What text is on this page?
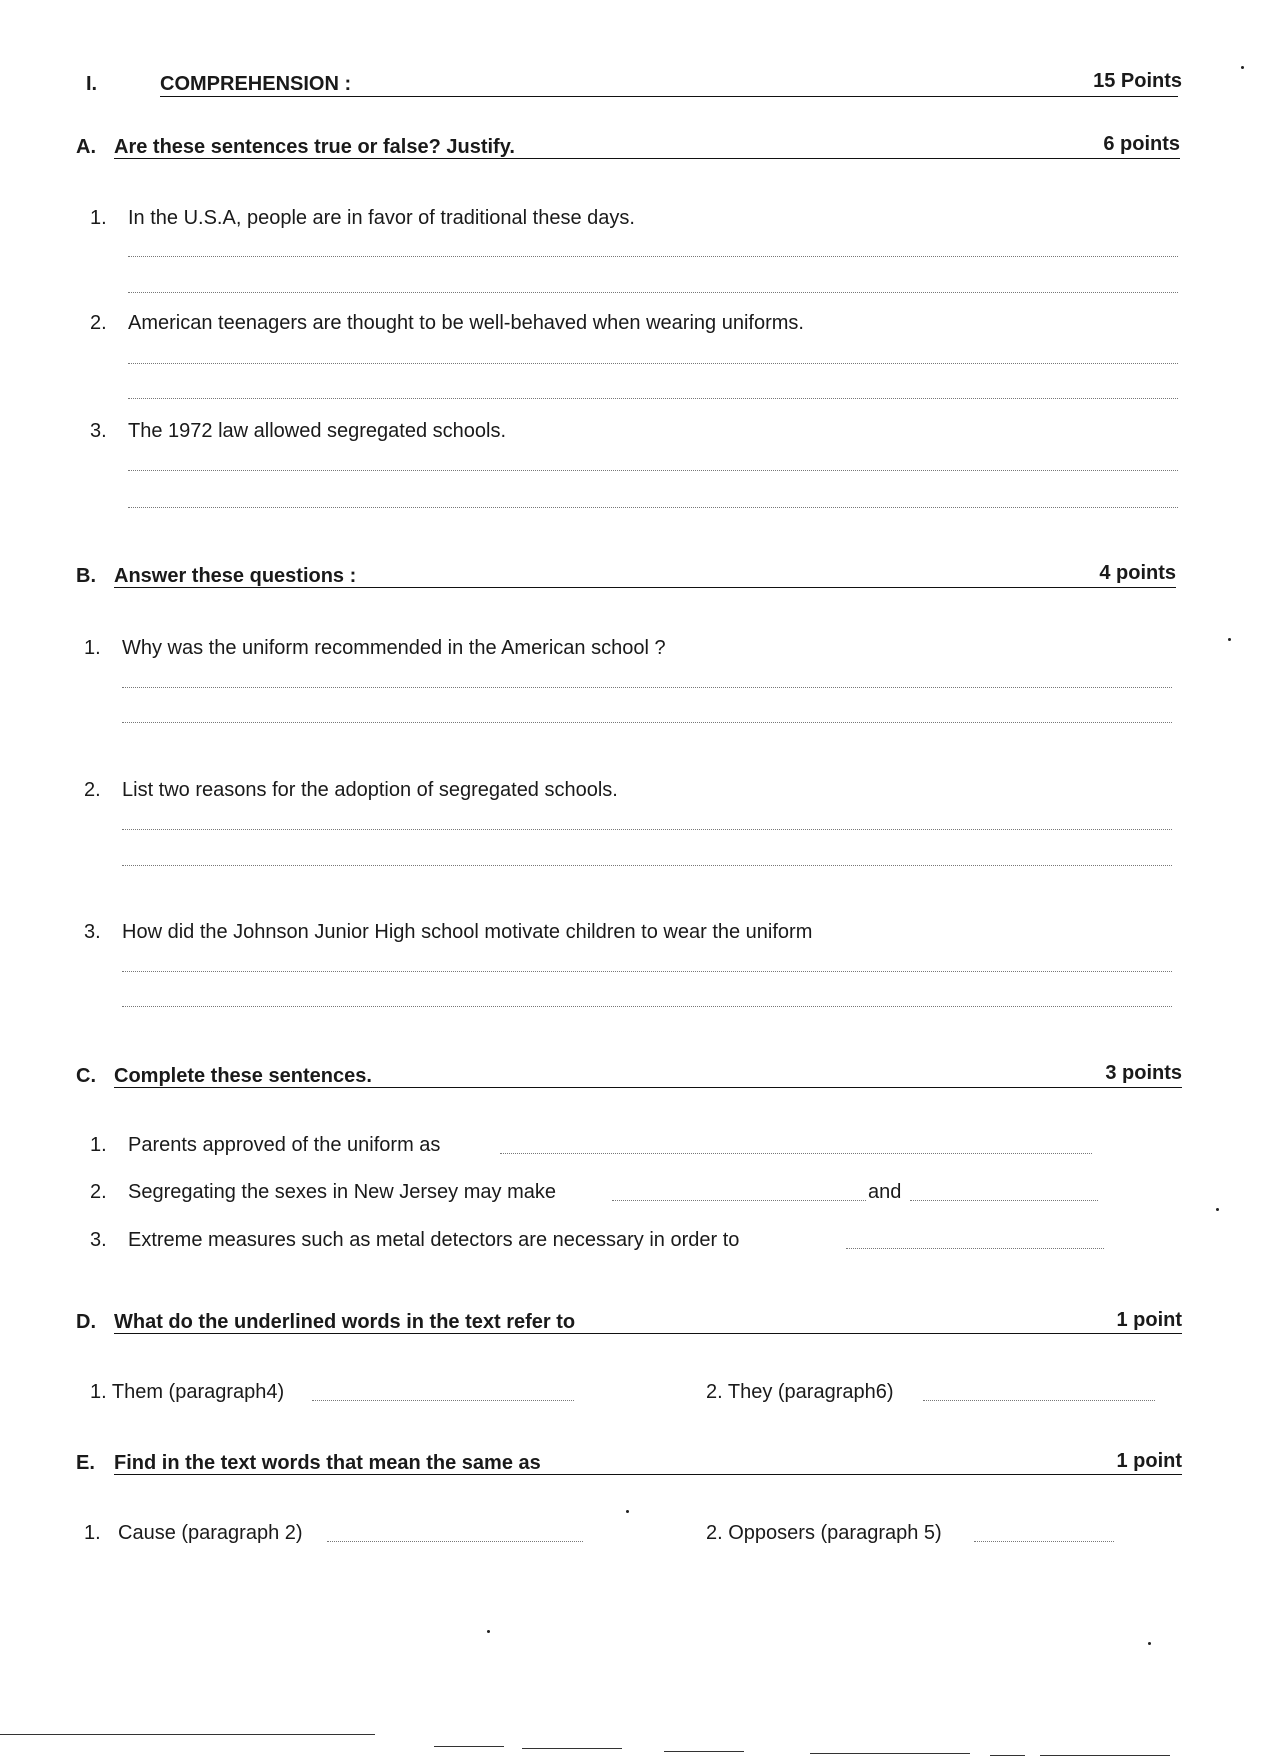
I.	COMPREHENSION :	15 Points
A. Are these sentences true or false? Justify.	6 points
1. In the U.S.A, people are in favor of traditional these days.
2. American teenagers are thought to be well-behaved when wearing uniforms.
3. The 1972 law allowed segregated schools.
B. Answer these questions :	4 points
1. Why was the uniform recommended in the American school ?
2. List two reasons for the adoption of segregated schools.
3. How did the Johnson Junior High school motivate children to wear the uniform
C. Complete these sentences.	3 points
1. Parents approved of the uniform as
2. Segregating the sexes in New Jersey may make	and
3. Extreme measures such as metal detectors are necessary in order to
D. What do the underlined words in the text refer to	1 point
1. Them (paragraph4)	2. They (paragraph6)
E. Find in the text words that mean the same as	1 point
1. Cause (paragraph 2)	2. Opposers (paragraph 5)
